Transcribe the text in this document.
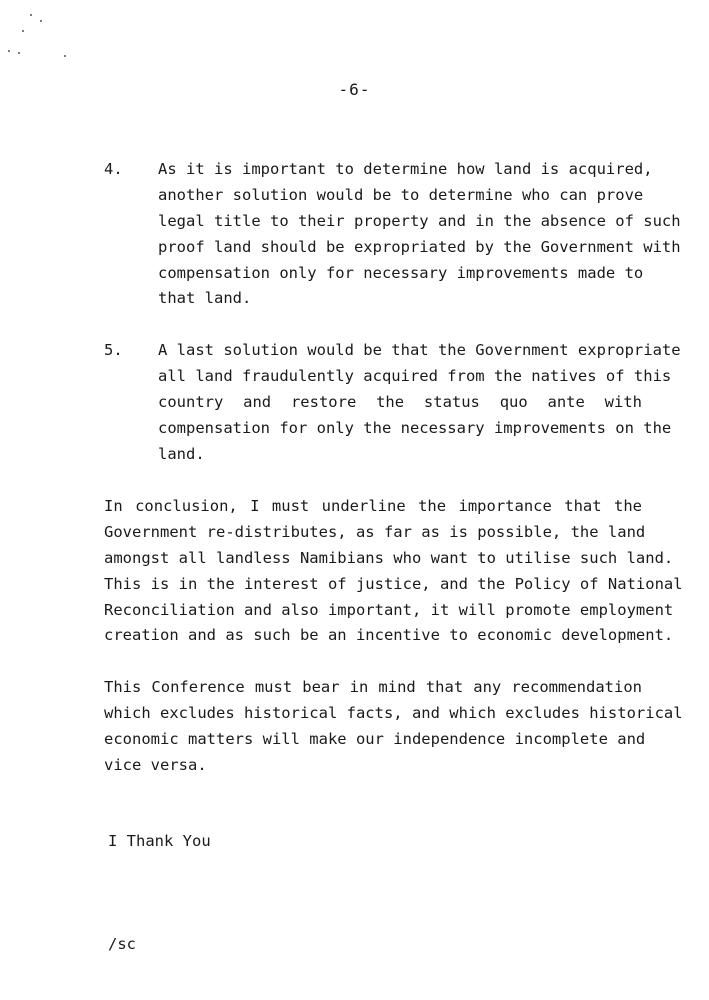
-6-
4. As it is important to determine how land is acquired,
another solution would be to determine who can prove
legal title to their property and in the absence of such
proof land should be expropriated by the Government with
compensation only for necessary improvements made to
that land.
5. A last solution would be that the Government expropriate
all land fraudulently acquired from the natives of this
country and restore the status quo ante with
compensation for only the necessary improvements on the
land.
In conclusion, I must underline the importance that the
Government re-distributes, as far as is possible, the land
amongst all landless Namibians who want to utilise such land.
This is in the interest of justice, and the Policy of National
Reconciliation and also important, it will promote employment
creation and as such be an incentive to economic development.
This Conference must bear in mind that any recommendation
which excludes historical facts, and which excludes historical
economic matters will make our independence incomplete and
vice versa.
I Thank You
/sc
